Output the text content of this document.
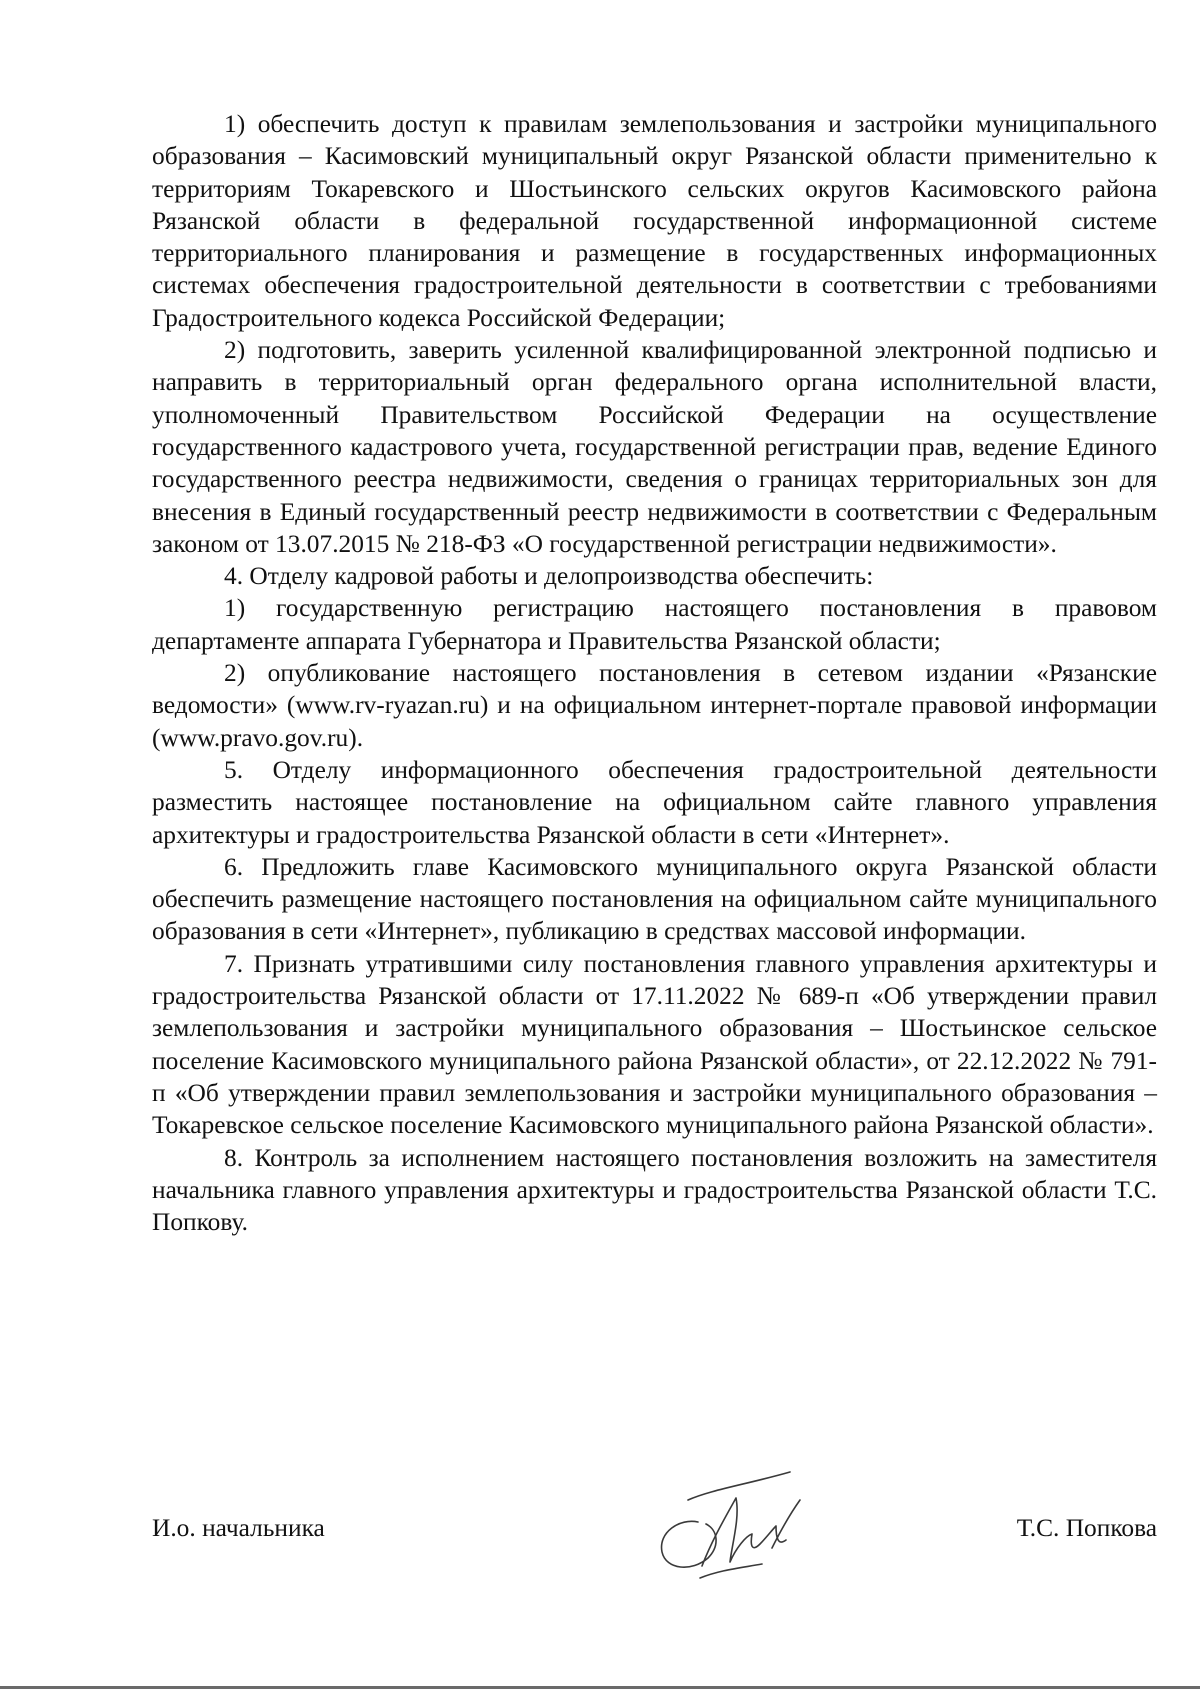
1) обеспечить доступ к правилам землепользования и застройки муниципального образования – Касимовский муниципальный округ Рязанской области применительно к территориям Токаревского и Шостьинского сельских округов Касимовского района Рязанской области в федеральной государственной информационной системе территориального планирования и размещение в государственных информационных системах обеспечения градостроительной деятельности в соответствии с требованиями Градостроительного кодекса Российской Федерации;

2) подготовить, заверить усиленной квалифицированной электронной подписью и направить в территориальный орган федерального органа исполнительной власти, уполномоченный Правительством Российской Федерации на осуществление государственного кадастрового учета, государственной регистрации прав, ведение Единого государственного реестра недвижимости, сведения о границах территориальных зон для внесения в Единый государственный реестр недвижимости в соответствии с Федеральным законом от 13.07.2015 № 218-ФЗ «О государственной регистрации недвижимости».

4. Отделу кадровой работы и делопроизводства обеспечить:

1) государственную регистрацию настоящего постановления в правовом департаменте аппарата Губернатора и Правительства Рязанской области;

2) опубликование настоящего постановления в сетевом издании «Рязанские ведомости» (www.rv-ryazan.ru) и на официальном интернет-портале правовой информации (www.pravo.gov.ru).

5. Отделу информационного обеспечения градостроительной деятельности разместить настоящее постановление на официальном сайте главного управления архитектуры и градостроительства Рязанской области в сети «Интернет».

6. Предложить главе Касимовского муниципального округа Рязанской области обеспечить размещение настоящего постановления на официальном сайте муниципального образования в сети «Интернет», публикацию в средствах массовой информации.

7. Признать утратившими силу постановления главного управления архитектуры и градостроительства Рязанской области от 17.11.2022 № 689-п «Об утверждении правил землепользования и застройки муниципального образования – Шостьинское сельское поселение Касимовского муниципального района Рязанской области», от 22.12.2022 № 791-п «Об утверждении правил землепользования и застройки муниципального образования – Токаревское сельское поселение Касимовского муниципального района Рязанской области».

8. Контроль за исполнением настоящего постановления возложить на заместителя начальника главного управления архитектуры и градостроительства Рязанской области Т.С. Попкову.

И.о. начальника	Т.С. Попкова
